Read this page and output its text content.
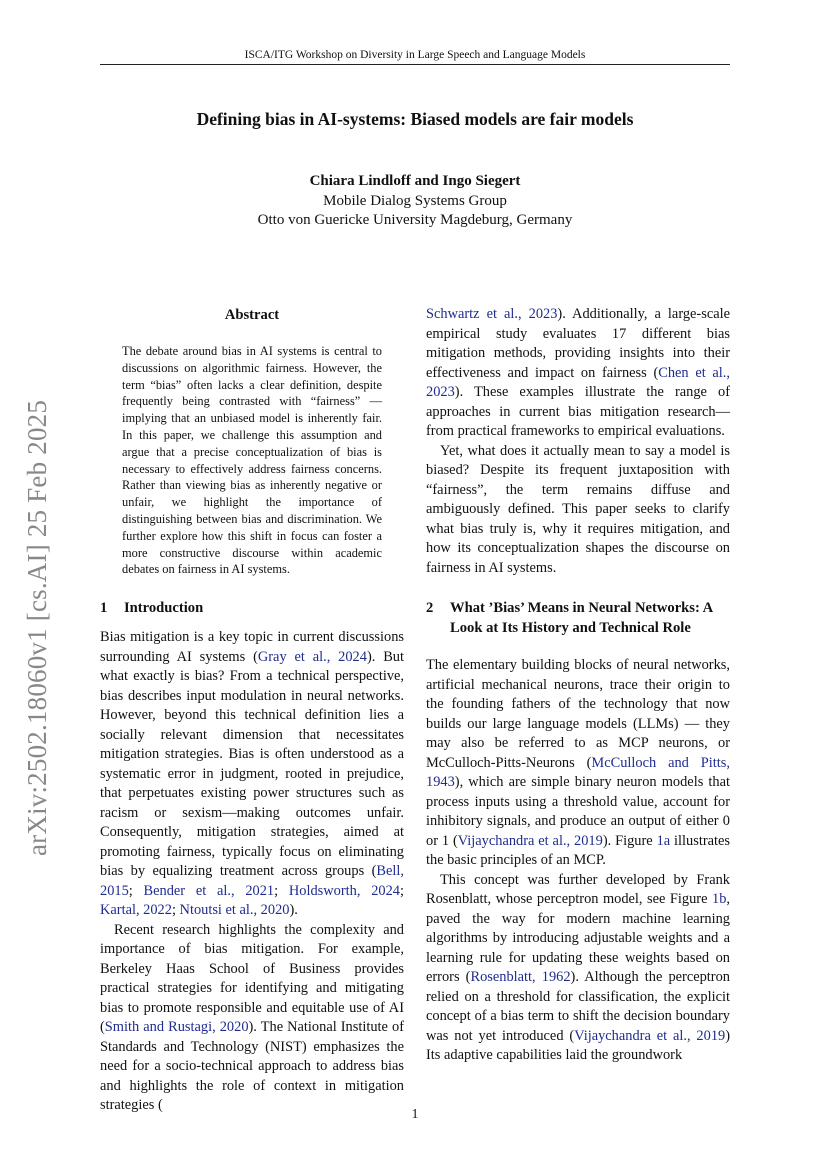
ISCA/ITG Workshop on Diversity in Large Speech and Language Models
Defining bias in AI-systems: Biased models are fair models
Chiara Lindloff and Ingo Siegert
Mobile Dialog Systems Group
Otto von Guericke University Magdeburg, Germany
arXiv:2502.18060v1 [cs.AI] 25 Feb 2025
Abstract

The debate around bias in AI systems is central to discussions on algorithmic fairness. However, the term “bias” often lacks a clear definition, despite frequently being contrasted with “fairness” — implying that an unbiased model is inherently fair. In this paper, we challenge this assumption and argue that a precise conceptualization of bias is necessary to effectively address fairness concerns. Rather than viewing bias as inherently negative or unfair, we highlight the importance of distinguishing between bias and discrimination. We further explore how this shift in focus can foster a more constructive discourse within academic debates on fairness in AI systems.

1	Introduction

Bias mitigation is a key topic in current discussions surrounding AI systems (Gray et al., 2024). But what exactly is bias? From a technical perspective, bias describes input modulation in neural networks. However, beyond this technical definition lies a socially relevant dimension that necessitates mitigation strategies. Bias is often understood as a systematic error in judgment, rooted in prejudice, that perpetuates existing power structures such as racism or sexism—making outcomes unfair. Consequently, mitigation strategies, aimed at promoting fairness, typically focus on eliminating bias by equalizing treatment across groups (Bell, 2015; Bender et al., 2021; Holdsworth, 2024; Kartal, 2022; Ntoutsi et al., 2020).

Recent research highlights the complexity and importance of bias mitigation. For example, Berkeley Haas School of Business provides practical strategies for identifying and mitigating bias to promote responsible and equitable use of AI (Smith and Rustagi, 2020). The National Institute of Standards and Technology (NIST) emphasizes the need for a socio-technical approach to address bias and highlights the role of context in mitigation strategies (

Schwartz et al., 2023). Additionally, a large-scale empirical study evaluates 17 different bias mitigation methods, providing insights into their effectiveness and impact on fairness (Chen et al., 2023). These examples illustrate the range of approaches in current bias mitigation research—from practical frameworks to empirical evaluations.

Yet, what does it actually mean to say a model is biased? Despite its frequent juxtaposition with “fairness”, the term remains diffuse and ambiguously defined. This paper seeks to clarify what bias truly is, why it requires mitigation, and how its conceptualization shapes the discourse on fairness in AI systems.

2	What ’Bias’ Means in Neural Networks: A Look at Its History and Technical Role

The elementary building blocks of neural networks, artificial mechanical neurons, trace their origin to the founding fathers of the technology that now builds our large language models (LLMs) — they may also be referred to as MCP neurons, or McCulloch-Pitts-Neurons (McCulloch and Pitts, 1943), which are simple binary neuron models that process inputs using a threshold value, account for inhibitory signals, and produce an output of either 0 or 1 (Vijaychandra et al., 2019). Figure 1a illustrates the basic principles of an MCP.

This concept was further developed by Frank Rosenblatt, whose perceptron model, see Figure 1b, paved the way for modern machine learning algorithms by introducing adjustable weights and a learning rule for updating these weights based on errors (Rosenblatt, 1962). Although the perceptron relied on a threshold for classification, the explicit concept of a bias term to shift the decision boundary was not yet introduced (Vijaychandra et al., 2019) Its adaptive capabilities laid the groundwork

1
